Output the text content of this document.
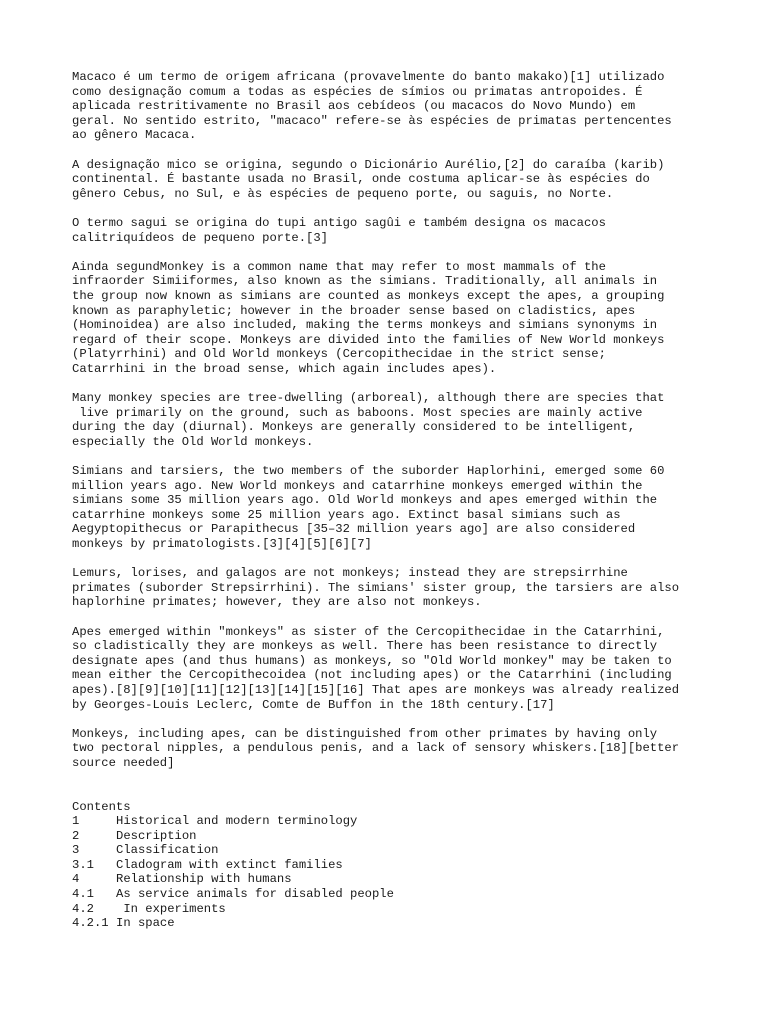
Macaco é um termo de origem africana (provavelmente do banto makako)[1] utilizado
como designação comum a todas as espécies de símios ou primatas antropoides. É
aplicada restritivamente no Brasil aos cebídeos (ou macacos do Novo Mundo) em
geral. No sentido estrito, "macaco" refere-se às espécies de primatas pertencentes
ao gênero Macaca.

A designação mico se origina, segundo o Dicionário Aurélio,[2] do caraíba (karib)
continental. É bastante usada no Brasil, onde costuma aplicar-se às espécies do
gênero Cebus, no Sul, e às espécies de pequeno porte, ou saguis, no Norte.

O termo sagui se origina do tupi antigo sagûi e também designa os macacos
calitriquídeos de pequeno porte.[3]

Ainda segundMonkey is a common name that may refer to most mammals of the
infraorder Simiiformes, also known as the simians. Traditionally, all animals in
the group now known as simians are counted as monkeys except the apes, a grouping
known as paraphyletic; however in the broader sense based on cladistics, apes
(Hominoidea) are also included, making the terms monkeys and simians synonyms in
regard of their scope. Monkeys are divided into the families of New World monkeys
(Platyrrhini) and Old World monkeys (Cercopithecidae in the strict sense;
Catarrhini in the broad sense, which again includes apes).

Many monkey species are tree-dwelling (arboreal), although there are species that
live primarily on the ground, such as baboons. Most species are mainly active
during the day (diurnal). Monkeys are generally considered to be intelligent,
especially the Old World monkeys.

Simians and tarsiers, the two members of the suborder Haplorhini, emerged some 60
million years ago. New World monkeys and catarrhine monkeys emerged within the
simians some 35 million years ago. Old World monkeys and apes emerged within the
catarrhine monkeys some 25 million years ago. Extinct basal simians such as
Aegyptopithecus or Parapithecus [35–32 million years ago] are also considered
monkeys by primatologists.[3][4][5][6][7]

Lemurs, lorises, and galagos are not monkeys; instead they are strepsirrhine
primates (suborder Strepsirrhini). The simians' sister group, the tarsiers are also
haplorhine primates; however, they are also not monkeys.

Apes emerged within "monkeys" as sister of the Cercopithecidae in the Catarrhini,
so cladistically they are monkeys as well. There has been resistance to directly
designate apes (and thus humans) as monkeys, so "Old World monkey" may be taken to
mean either the Cercopithecoidea (not including apes) or the Catarrhini (including
apes).[8][9][10][11][12][13][14][15][16] That apes are monkeys was already realized
by Georges-Louis Leclerc, Comte de Buffon in the 18th century.[17]

Monkeys, including apes, can be distinguished from other primates by having only
two pectoral nipples, a pendulous penis, and a lack of sensory whiskers.[18][better
source needed]

Contents
1	Historical and modern terminology
2	Description
3	Classification
3.1	Cladogram with extinct families
4	Relationship with humans
4.1	As service animals for disabled people
4.2	In experiments
4.2.1 In space
